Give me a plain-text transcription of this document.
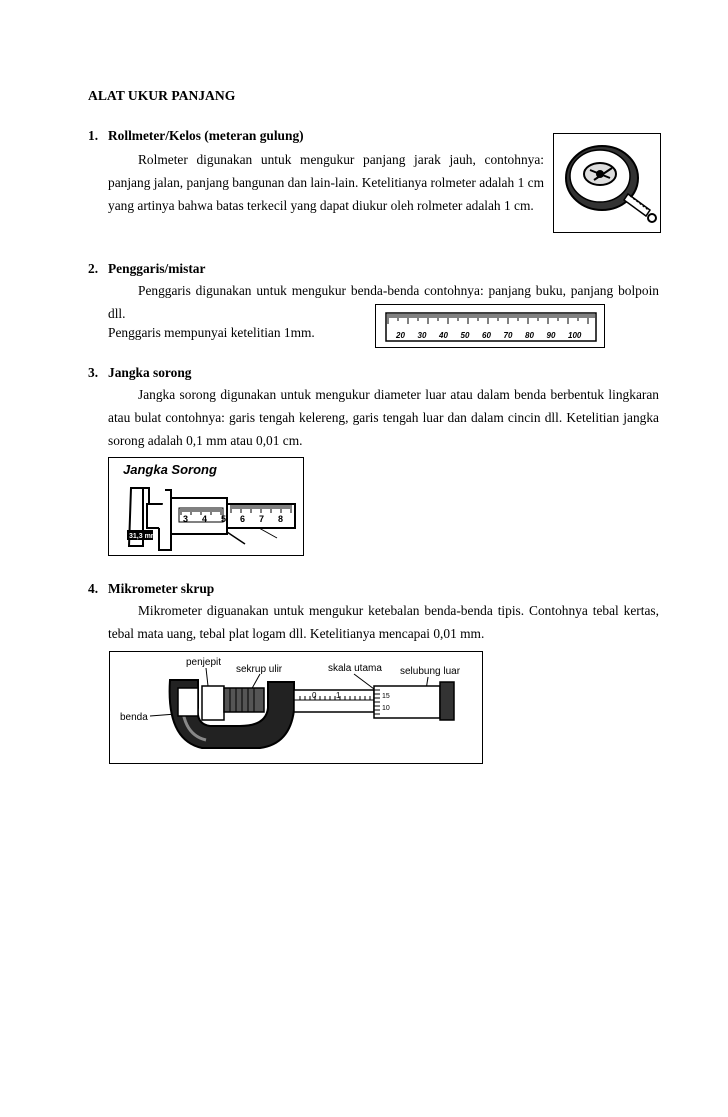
ALAT UKUR PANJANG
1. Rollmeter/Kelos (meteran gulung)
Rolmeter digunakan untuk mengukur panjang jarak jauh, contohnya: panjang jalan, panjang bangunan dan lain-lain. Ketelitianya rolmeter adalah 1 cm yang artinya bahwa batas terkecil yang dapat diukur oleh rolmeter adalah 1 cm.
2. Penggaris/mistar
Penggaris digunakan untuk mengukur benda-benda contohnya: panjang buku, panjang bolpoin dll.
Penggaris mempunyai ketelitian 1mm.	20 30 40 50 60 70 80 90 100
3. Jangka sorong
Jangka sorong digunakan untuk mengukur diameter luar atau dalam benda berbentuk lingkaran atau bulat contohnya: garis tengah kelereng, garis tengah luar dan dalam cincin dll. Ketelitian jangka sorong adalah 0,1 mm atau 0,01 cm.
Jangka Sorong
3 4 5 6 7 8
31,3 mm
4. Mikrometer skrup
Mikrometer diguanakan untuk mengukur ketebalan benda-benda tipis. Contohnya tebal kertas, tebal mata uang, tebal plat logam dll. Ketelitianya mencapai 0,01 mm.
penjepit
sekrup ulir	skala utama selubung luar
benda
0 1	15
10
